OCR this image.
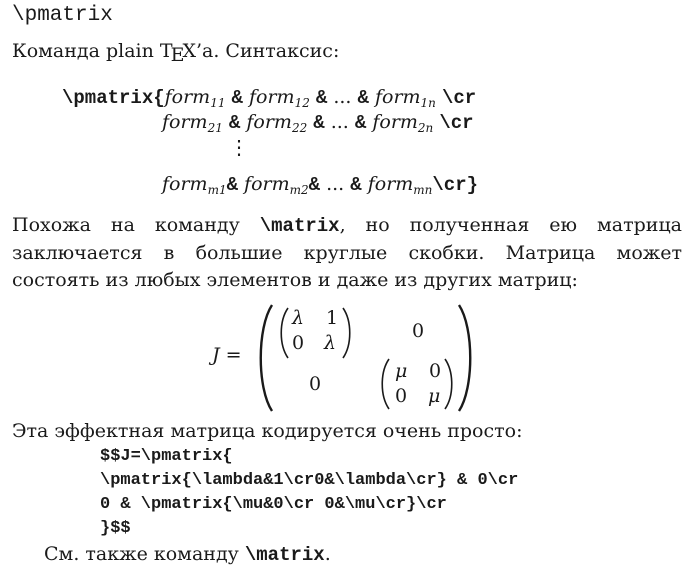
\pmatrix
Команда plain TEX’a. Синтаксис:
\pmatrix{form$_{11}$ & form$_{12}$ & ... & form$_{1n}$ \cr
form$_{21}$ & form$_{22}$ & ... & form$_{2n}$ \cr
⋮
form$_{m1}$& form$_{m2}$& ... & form$_{mn}$\cr}
Похожа на команду \matrix, но полученная ею матрица заключается в большие круглые скобки. Матрица может состоять из любых элементов и даже из других матриц:
J =
λ 1
0 λ
0
0
μ 0
0 μ
Эта эффектная матрица кодируется очень просто:
$$J=\pmatrix{
\pmatrix{\lambda&1\cr0&\lambda\cr} & 0\cr
0 & \pmatrix{\mu&0\cr 0&\mu\cr}\cr
}$$
См. также команду \matrix.
